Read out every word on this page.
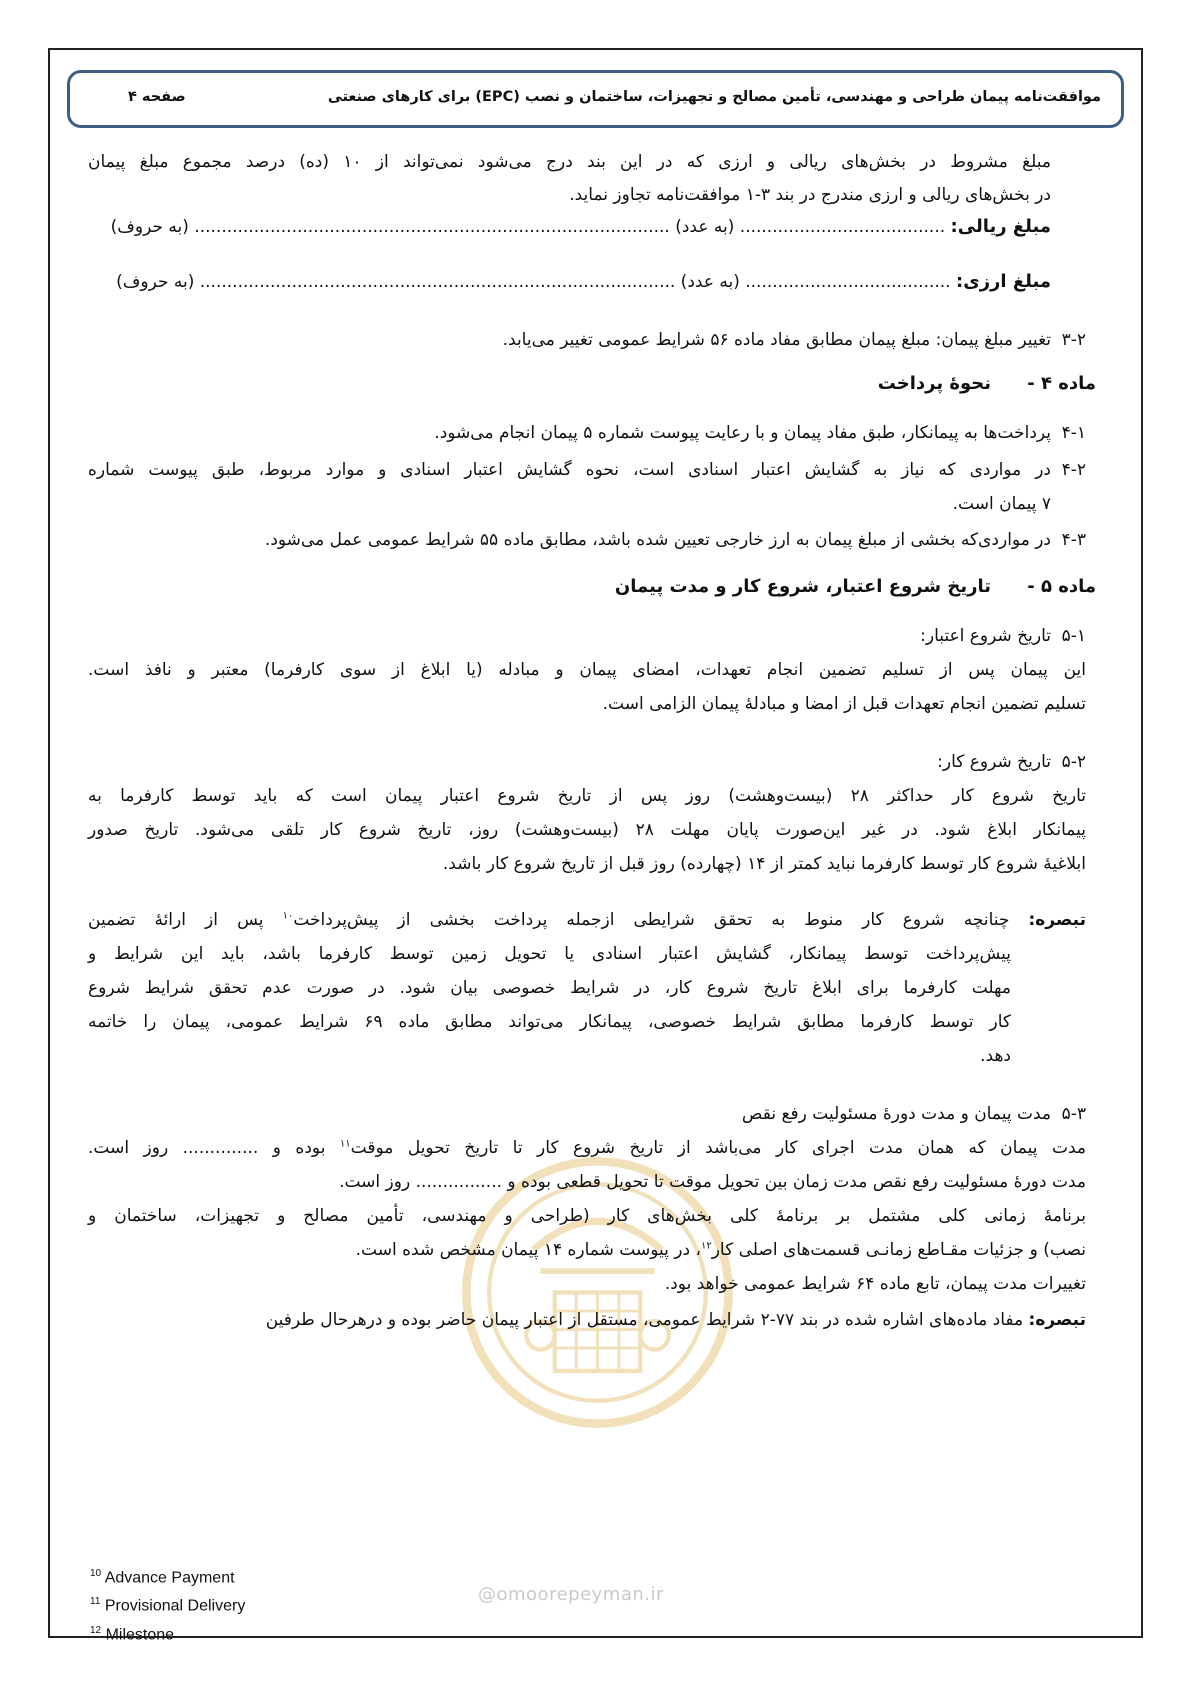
موافقت‌نامه پیمان طراحی و مهندسی، تأمین مصالح و تجهیزات، ساختمان و نصب (EPC) برای کارهای صنعتی
صفحه ۴
@omoorepeyman.ir
مبلغ مشروط در بخش‌های ریالی و ارزی که در این بند درج می‌شود نمی‌تواند از ۱۰ (ده) درصد مجموع مبلغ پیمان
در بخش‌های ریالی و ارزی مندرج در بند ۳-۱ موافقت‌نامه تجاوز نماید.
مبلغ ریالی: ...................................... (به عدد) ........................................................................................ (به حروف)
مبلغ ارزی: ...................................... (به عدد) ........................................................................................ (به حروف)
۳-۲
تغییر مبلغ پیمان: مبلغ پیمان مطابق مفاد ماده ۵۶ شرایط عمومی تغییر می‌یابد.
ماده ۴ -
نحوۀ پرداخت
۴-۱
پرداخت‌ها به پیمانکار، طبق مفاد پیمان و با رعایت پیوست شماره ۵ پیمان انجام می‌شود.
۴-۲
در مواردی که نیاز به گشایش اعتبار اسنادی است، نحوه گشایش اعتبار اسنادی و موارد مربوط، طبق پیوست شماره
۷ پیمان است.
۴-۳
در مواردی‌که بخشی از مبلغ پیمان به ارز خارجی تعیین شده باشد، مطابق ماده ۵۵ شرایط عمومی عمل می‌شود.
ماده ۵ -
تاریخ شروع اعتبار، شروع کار و مدت پیمان
۵-۱
تاریخ شروع اعتبار:
این پیمان پس از تسلیم تضمین انجام تعهدات، امضای پیمان و مبادله (یا ابلاغ از سوی کارفرما) معتبر و نافذ است.
تسلیم تضمین انجام تعهدات قبل از امضا و مبادلۀ پیمان الزامی است.
۵-۲
تاریخ شروع کار:
تاریخ شروع کار حداکثر ۲۸ (بیست‌وهشت) روز پس از تاریخ شروع اعتبار پیمان است که باید توسط کارفرما به
پیمانکار ابلاغ شود. در غیر این‌صورت پایان مهلت ۲۸ (بیست‌وهشت) روز، تاریخ شروع کار تلقی می‌شود. تاریخ صدور
ابلاغیۀ شروع کار توسط کارفرما نباید کمتر از ۱۴ (چهارده) روز قبل از تاریخ شروع کار باشد.
تبصره: چنانچه شروع کار منوط به تحقق شرایطی ازجمله پرداخت بخشی از پیش‌پرداخت$^{۱۰}$ پس از ارائۀ تضمین
پیش‌پرداخت توسط پیمانکار، گشایش اعتبار اسنادی یا تحویل زمین توسط کارفرما باشد، باید این شرایط و
مهلت کارفرما برای ابلاغ تاریخ شروع کار، در شرایط خصوصی بیان شود. در صورت عدم تحقق شرایط شروع
کار توسط کارفرما مطابق شرایط خصوصی، پیمانکار می‌تواند مطابق ماده ۶۹ شرایط عمومی، پیمان را خاتمه
دهد.
۵-۳
مدت پیمان و مدت دورۀ مسئولیت رفع نقص
مدت پیمان که همان مدت اجرای کار می‌باشد از تاریخ شروع کار تا تاریخ تحویل موقت$^{۱۱}$ بوده و .............. روز است.
مدت دورۀ مسئولیت رفع نقص مدت زمان بین تحویل موقت تا تحویل قطعی بوده و ................ روز است.
برنامۀ زمانی کلی مشتمل بر برنامۀ کلی بخش‌های کار (طراحی و مهندسی، تأمین مصالح و تجهیزات، ساختمان و
نصب) و جزئیات مقـاطع زمانـی قسمت‌های اصلی کار$^{۱۲}$، در پیوست شماره ۱۴ پیمان مشخص شده است.
تغییرات مدت پیمان، تابع ماده ۶۴ شرایط عمومی خواهد بود.
تبصره: مفاد ماده‌های اشاره شده در بند ۷۷-۲ شرایط عمومی، مستقل از اعتبار پیمان حاضر بوده و درهرحال طرفین
$^{10}$ Advance Payment
$^{11}$ Provisional Delivery
$^{12}$ Milestone
